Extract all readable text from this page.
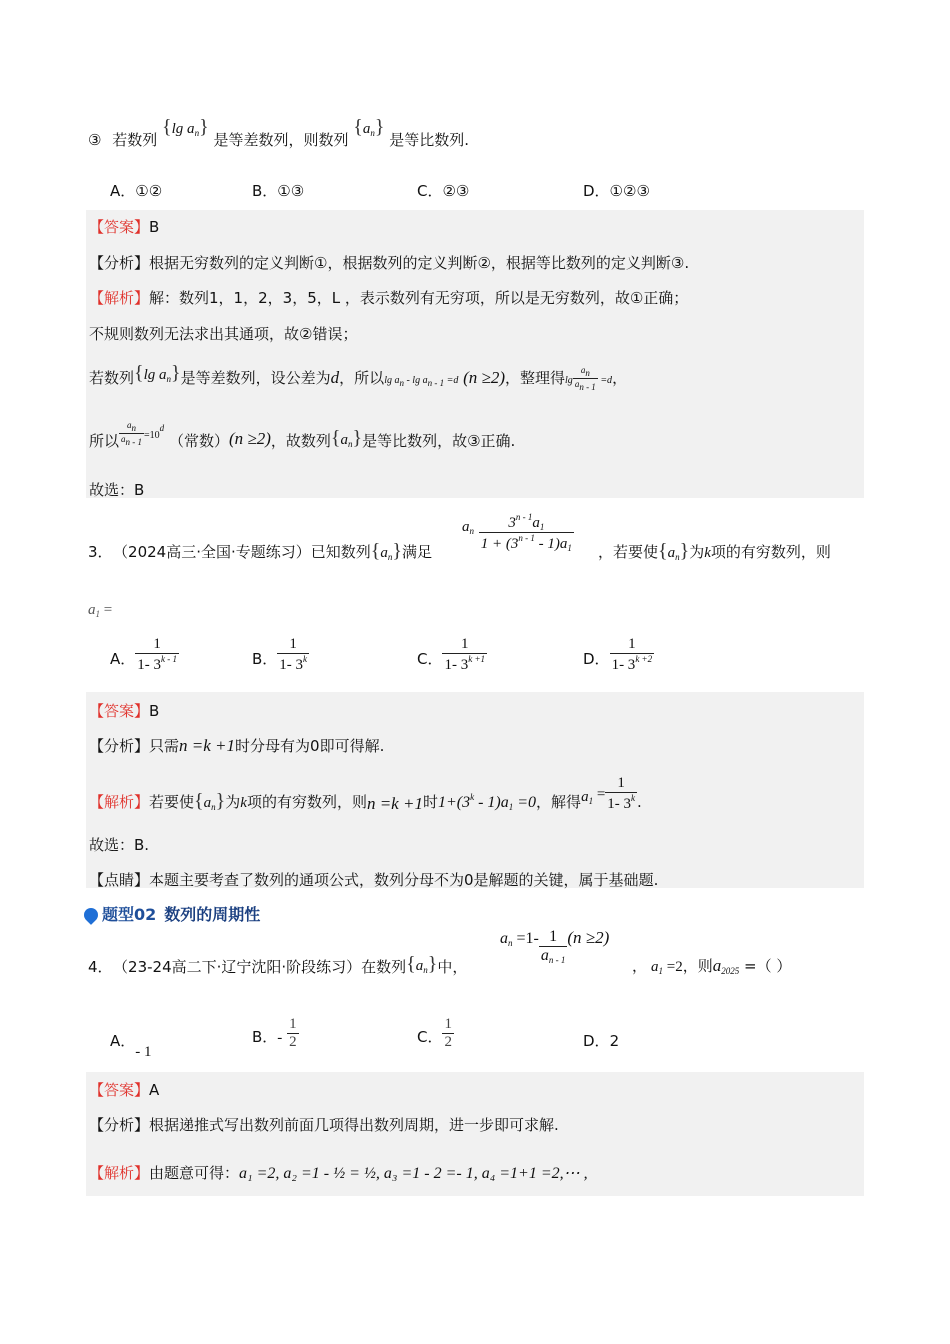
③ 若数列 {lg $a_n$} 是等差数列，则数列 $\{a_n\}$ 是等比数列.
A．①②	B．①③	C．②③	D．①②③
【答案】B
【分析】根据无穷数列的定义判断①，根据数列的定义判断②，根据等比数列的定义判断③.
【解析】解：数列1，1，2，3，5，L ，表示数列有无穷项，所以是无穷数列，故①正确；
不规则数列无法求出其通项，故②错误；
若数列{lg $a_n$}是等差数列，设公差为d，所以lg an - lg an - 1 =d (n ≥2)，整理得$\lg \frac{an}{an - 1} =d$，
所以 $\frac{an}{an - 1} =10d$ （常数）(n ≥2)，故数列$\{a_n\}$是等比数列，故③正确.
故选：B
3． （2024高三·全国·专题练习）已知数列$\{a_n\}$满足
$a_n \frac{3^{n - 1}a_1}{1 + (3^{n - 1} - 1)a_1}$ ，若要使$\{a_n\}$为k项的有穷数列，则
$a_1$ =
A． $\frac{1}{1- 3^{k - 1}}$	B． $\frac{1}{1- 3^k}$	C． $\frac{1}{1- 3^{k +1}}$	D． $\frac{1}{1- 3^{k +2}}$
【答案】B
【分析】只需n =k +1时分母有为0即可得解.
【解析】若要使$\{a_n\}$为k项的有穷数列，则n =k +1时$1+(3^k - 1)a_1 =0$，解得$a_1 = \frac{1}{1- 3^k}$ .
故选：B.
【点睛】本题主要考查了数列的通项公式，数列分母不为0是解题的关键，属于基础题.
题型02 数列的周期性
4． （23-24高二下·辽宁沈阳·阶段练习）在数列$\{a_n\}$中，
$a_n =1- \frac{1}{a_{n - 1}} (n \ge 2)$
， $a_1 =2$，则$a_{2025}$ =（ ）
A．- 1
B．- $\frac{1}{2}$	C． $\frac{1}{2}$	D．2
【答案】A
【分析】根据递推式写出数列前面几项得出数列周期，进一步即可求解.
【解析】由题意可得：a₁ =2, a₂ =1 - ½ = ½, a₃ =1 - 2 =- 1, a₄ =1+1 =2,⋯ ,
